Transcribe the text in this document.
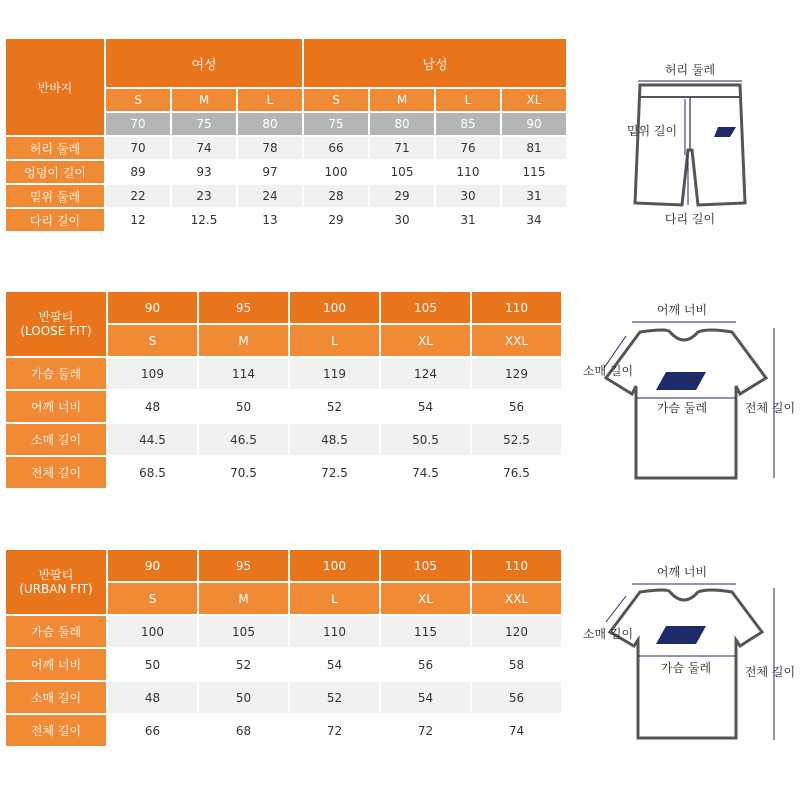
반바지	여성			남성			
	S	M	L	S	M	L	XL
	70	75	80	75	80	85	90
허리 둘레	70	74	78	66	71	76	81
엉덩이 길이	89	93	97	100	105	110	115
밑위 둘레	22	23	24	28	29	30	31
다리 길이	12	12.5	13	29	30	31	34
허리 둘레
밑위 길이
다리 길이
반팔티
(LOOSE FIT)	90	95	100	105	110
	S	M	L	XL	XXL
가슴 둘레	109	114	119	124	129
어깨 너비	48	50	52	54	56
소매 길이	44.5	46.5	48.5	50.5	52.5
전체 길이	68.5	70.5	72.5	74.5	76.5
어깨 너비
소매 길이
가슴 둘레	전체 길이
반팔티
(URBAN FIT)	90	95	100	105	110
	S	M	L	XL	XXL
가슴 둘레	100	105	110	115	120
어깨 너비	50	52	54	56	58
소매 길이	48	50	52	54	56
전체 길이	66	68	72	72	74
어깨 너비
소매 길이
가슴 둘레	전체 길이
